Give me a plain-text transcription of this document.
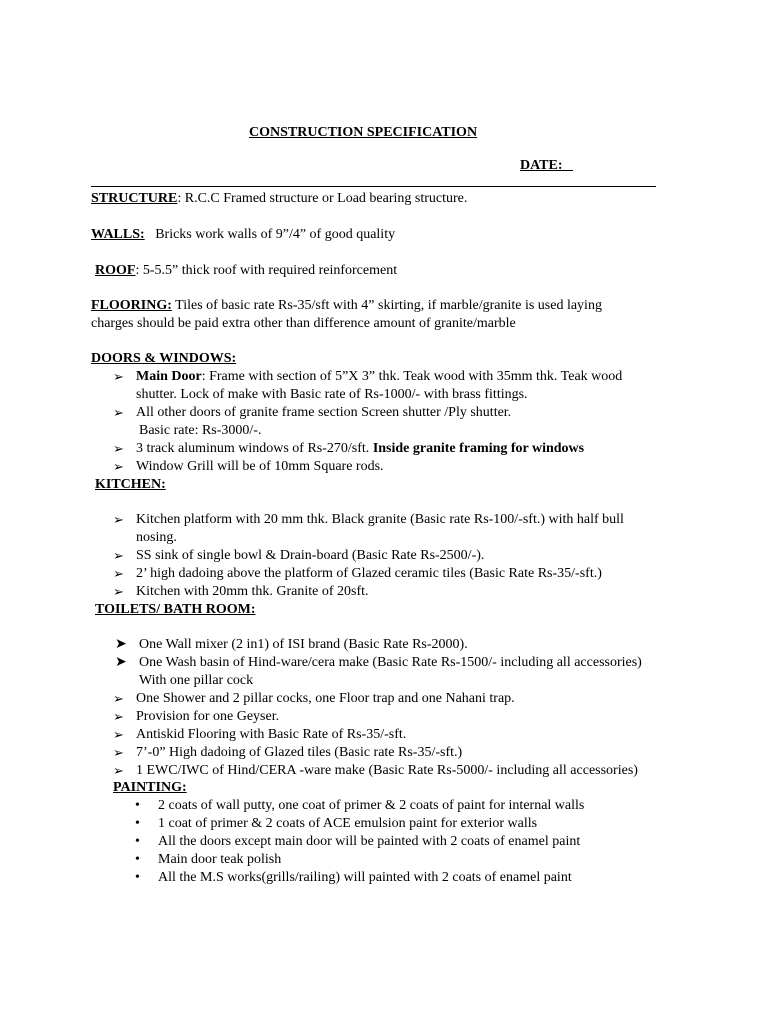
CONSTRUCTION SPECIFICATION
DATE:
STRUCTURE: R.C.C Framed structure or Load bearing structure.
WALLS: Bricks work walls of 9”/4” of good quality
ROOF: 5-5.5” thick roof with required reinforcement
FLOORING: Tiles of basic rate Rs-35/sft with 4” skirting, if marble/granite is used laying
charges should be paid extra other than difference amount of granite/marble
DOORS & WINDOWS:
➢ Main Door: Frame with section of 5”X 3” thk. Teak wood with 35mm thk. Teak wood
shutter. Lock of make with Basic rate of Rs-1000/- with brass fittings.
➢ All other doors of granite frame section Screen shutter /Ply shutter.
Basic rate: Rs-3000/-.
➢ 3 track aluminum windows of Rs-270/sft. Inside granite framing for windows
➢ Window Grill will be of 10mm Square rods.
KITCHEN:
➢ Kitchen platform with 20 mm thk. Black granite (Basic rate Rs-100/-sft.) with half bull
nosing.
➢ SS sink of single bowl & Drain-board (Basic Rate Rs-2500/-).
➢ 2’ high dadoing above the platform of Glazed ceramic tiles (Basic Rate Rs-35/-sft.)
➢ Kitchen with 20mm thk. Granite of 20sft.
TOILETS/ BATH ROOM:
➤ One Wall mixer (2 in1) of ISI brand (Basic Rate Rs-2000).
➤ One Wash basin of Hind-ware/cera make (Basic Rate Rs-1500/- including all accessories)
With one pillar cock
➢ One Shower and 2 pillar cocks, one Floor trap and one Nahani trap.
➢ Provision for one Geyser.
➢ Antiskid Flooring with Basic Rate of Rs-35/-sft.
➢ 7’-0” High dadoing of Glazed tiles (Basic rate Rs-35/-sft.)
➢ 1 EWC/IWC of Hind/CERA -ware make (Basic Rate Rs-5000/- including all accessories)
PAINTING:
• 2 coats of wall putty, one coat of primer & 2 coats of paint for internal walls
• 1 coat of primer & 2 coats of ACE emulsion paint for exterior walls
• All the doors except main door will be painted with 2 coats of enamel paint
• Main door teak polish
• All the M.S works(grills/railing) will painted with 2 coats of enamel paint
